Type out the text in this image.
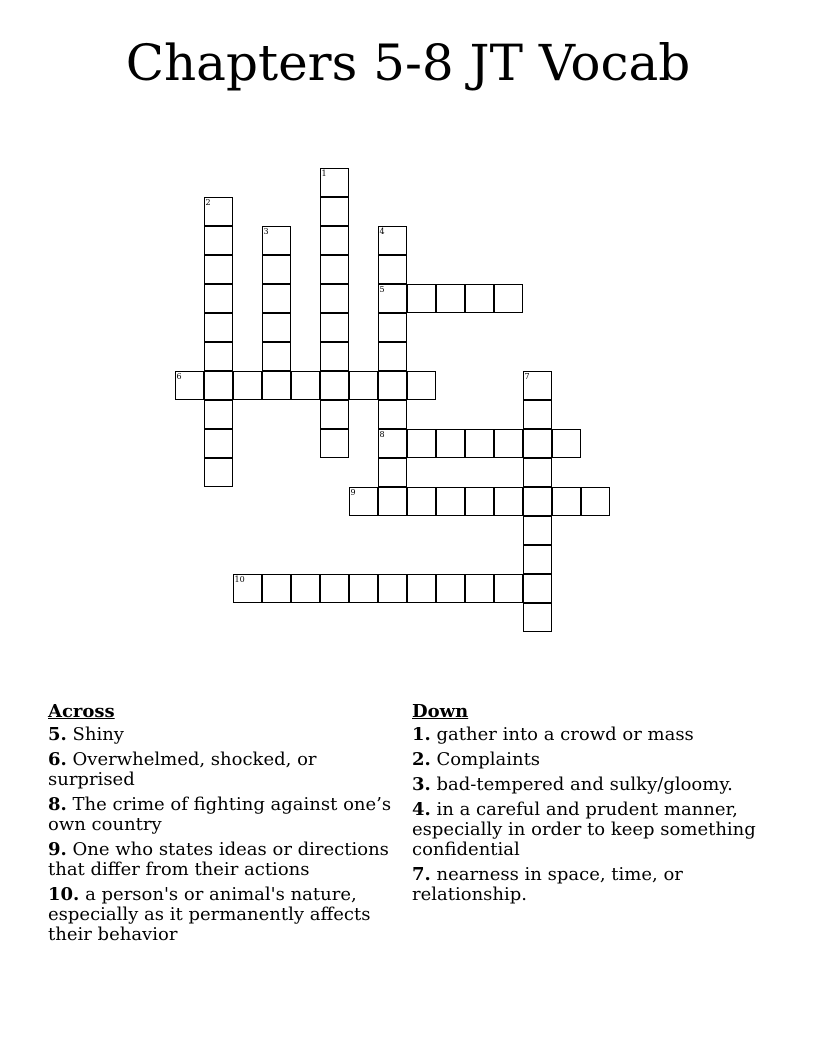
Chapters 5-8 JT Vocab
1
2
3	4
5
8
6	7
9
10
Across
5. Shiny
6. Overwhelmed, shocked, or surprised
8. The crime of fighting against one’s own country
9. One who states ideas or directions that differ from their actions
10. a person's or animal's nature, especially as it permanently affects their behavior
Down
1. gather into a crowd or mass
2. Complaints
3. bad-tempered and sulky/gloomy.
4. in a careful and prudent manner, especially in order to keep something confidential
7. nearness in space, time, or relationship.
